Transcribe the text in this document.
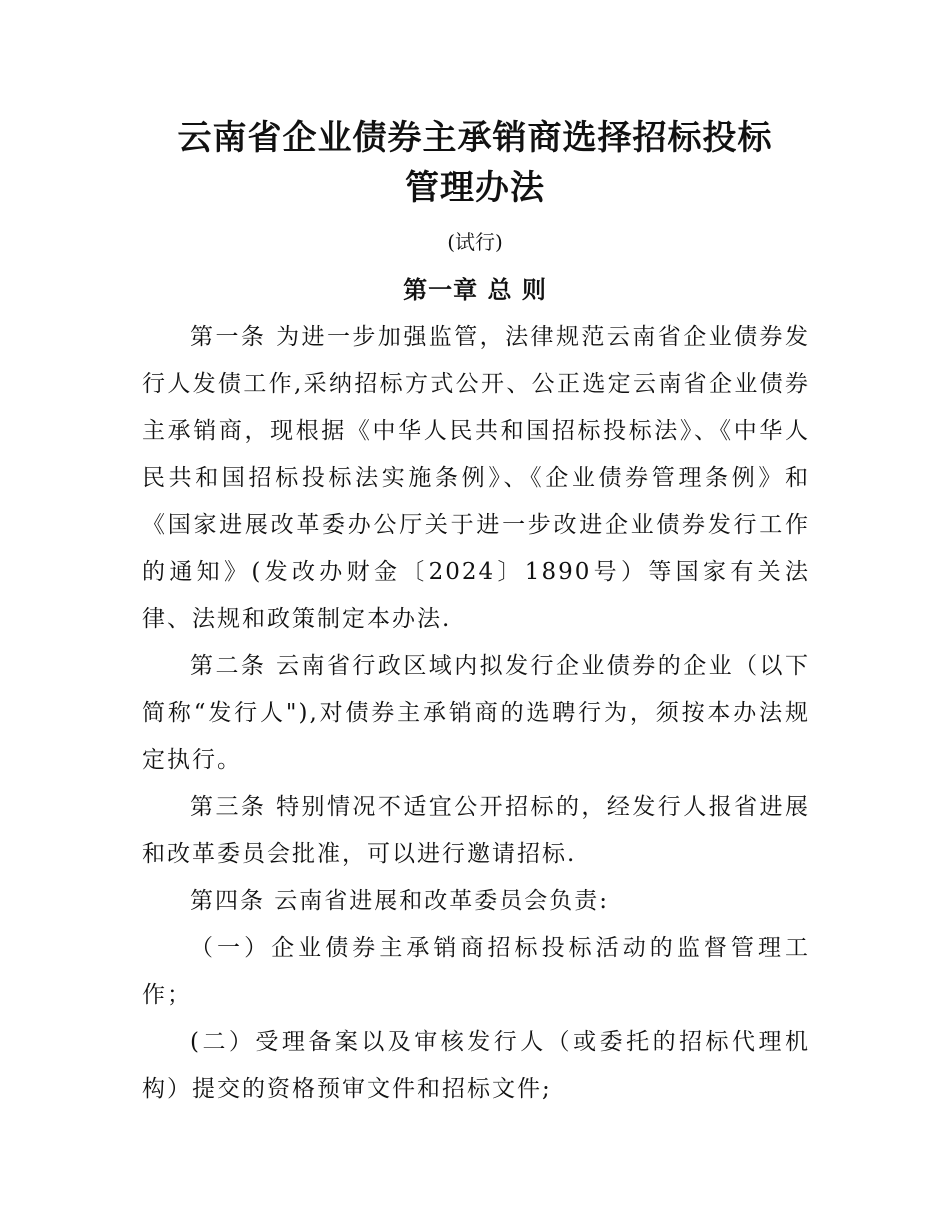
云南省企业债券主承销商选择招标投标
管理办法

(试行)

第一章 总 则

第一条 为进一步加强监管，法律规范云南省企业债券发行人发债工作,采纳招标方式公开、公正选定云南省企业债券主承销商，现根据《中华人民共和国招标投标法》、《中华人民共和国招标投标法实施条例》、《企业债券管理条例》和《国家进展改革委办公厅关于进一步改进企业债券发行工作的通知》(发改办财金〔2024〕1890号）等国家有关法律、法规和政策制定本办法.

第二条 云南省行政区域内拟发行企业债券的企业（以下简称“发行人"),对债券主承销商的选聘行为，须按本办法规定执行。

第三条 特别情况不适宜公开招标的，经发行人报省进展和改革委员会批准，可以进行邀请招标.

第四条 云南省进展和改革委员会负责:

（一）企业债券主承销商招标投标活动的监督管理工作；

(二）受理备案以及审核发行人（或委托的招标代理机构）提交的资格预审文件和招标文件;
